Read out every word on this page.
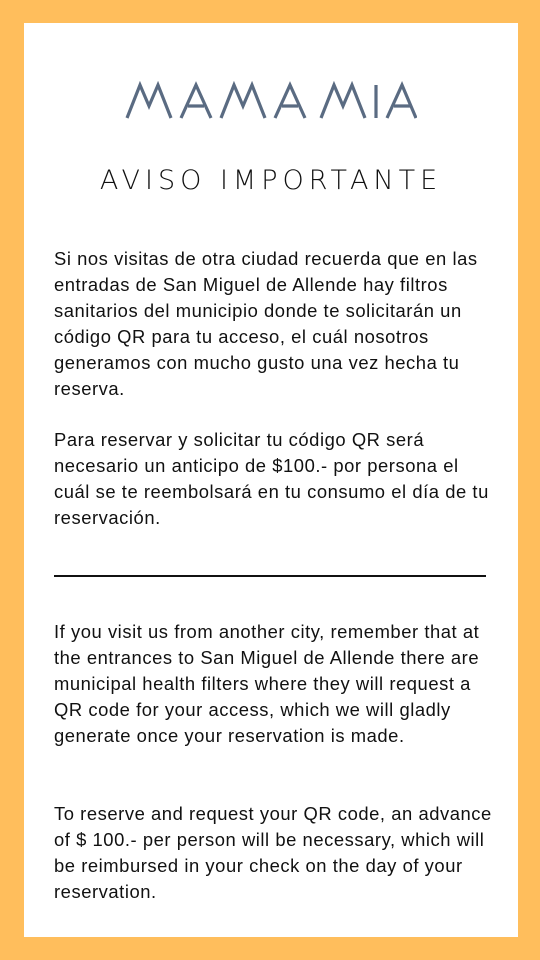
AVISO IMPORTANTE

Si nos visitas de otra ciudad recuerda que en las entradas de San Miguel de Allende hay filtros sanitarios del municipio donde te solicitarán un código QR para tu acceso, el cuál nosotros generamos con mucho gusto una vez hecha tu reserva.

Para reservar y solicitar tu código QR será necesario un anticipo de $100.- por persona el cuál se te reembolsará en tu consumo el día de tu reservación.

If you visit us from another city, remember that at the entrances to San Miguel de Allende there are municipal health filters where they will request a QR code for your access, which we will gladly generate once your reservation is made.

To reserve and request your QR code, an advance of $ 100.- per person will be necessary, which will be reimbursed in your check on the day of your reservation.
